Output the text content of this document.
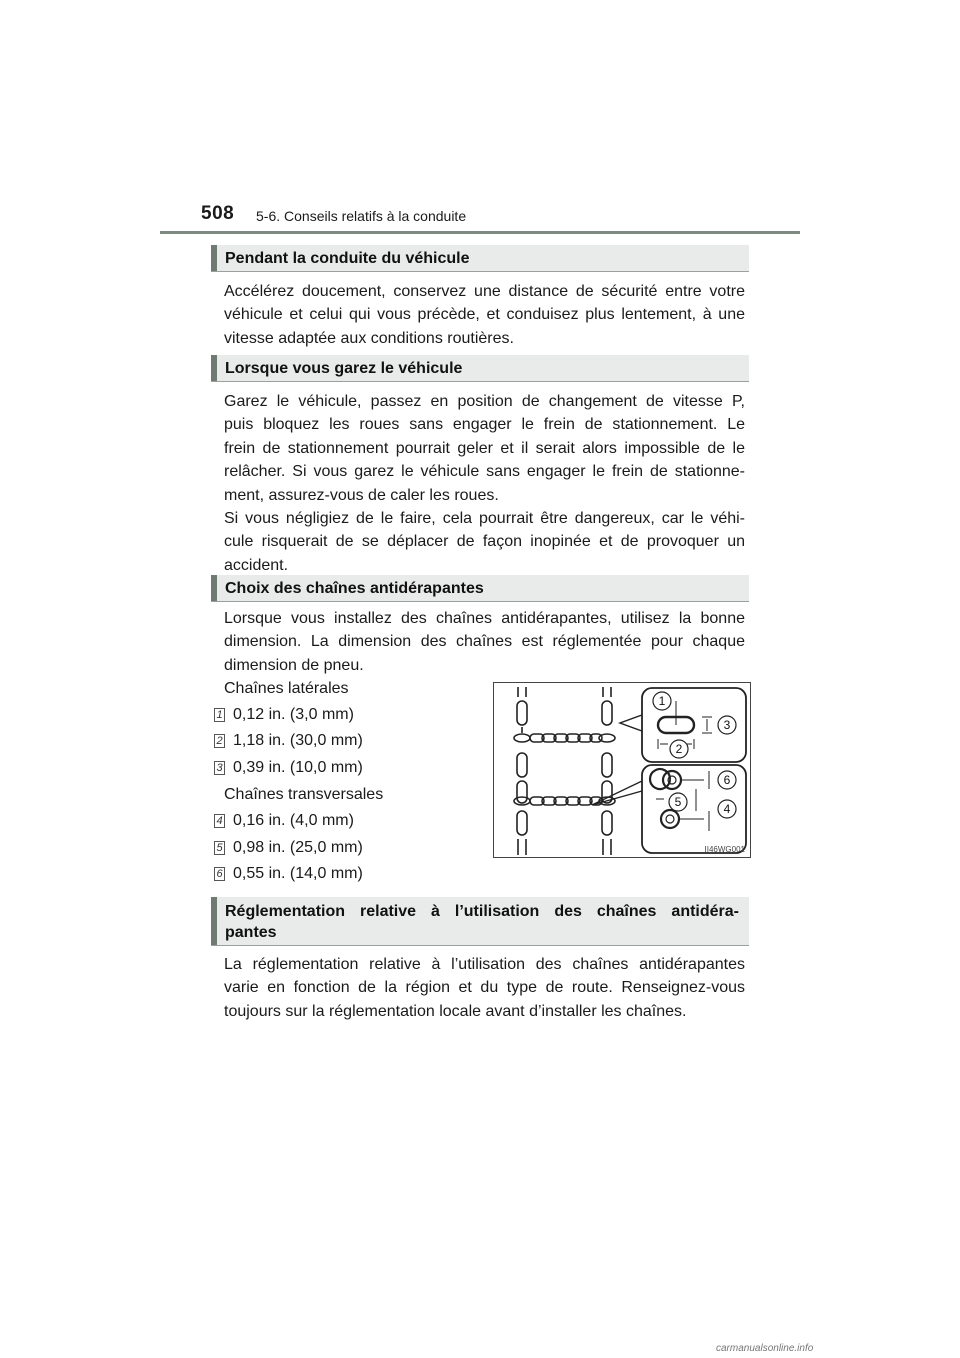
508 5-6. Conseils relatifs à la conduite
Pendant la conduite du véhicule
Accélérez doucement, conservez une distance de sécurité entre votre
véhicule et celui qui vous précède, et conduisez plus lentement, à une
vitesse adaptée aux conditions routières.
Lorsque vous garez le véhicule
Garez le véhicule, passez en position de changement de vitesse P,
puis bloquez les roues sans engager le frein de stationnement. Le
frein de stationnement pourrait geler et il serait alors impossible de le
relâcher. Si vous garez le véhicule sans engager le frein de stationne-
ment, assurez-vous de caler les roues.
Si vous négligiez de le faire, cela pourrait être dangereux, car le véhi-
cule risquerait de se déplacer de façon inopinée et de provoquer un
accident.
Choix des chaînes antidérapantes
Lorsque vous installez des chaînes antidérapantes, utilisez la bonne
dimension. La dimension des chaînes est réglementée pour chaque
dimension de pneu.
Chaînes latérales
1 0,12 in. (3,0 mm)
2 1,18 in. (30,0 mm)
3 0,39 in. (10,0 mm)
Chaînes transversales
4 0,16 in. (4,0 mm)
5 0,98 in. (25,0 mm)
6 0,55 in. (14,0 mm)
1
2
3
4
5
6
II46WG001
Réglementation relative à l’utilisation des chaînes antidéra-
pantes
La réglementation relative à l’utilisation des chaînes antidérapantes
varie en fonction de la région et du type de route. Renseignez-vous
toujours sur la réglementation locale avant d’installer les chaînes.
carmanualsonline.info
